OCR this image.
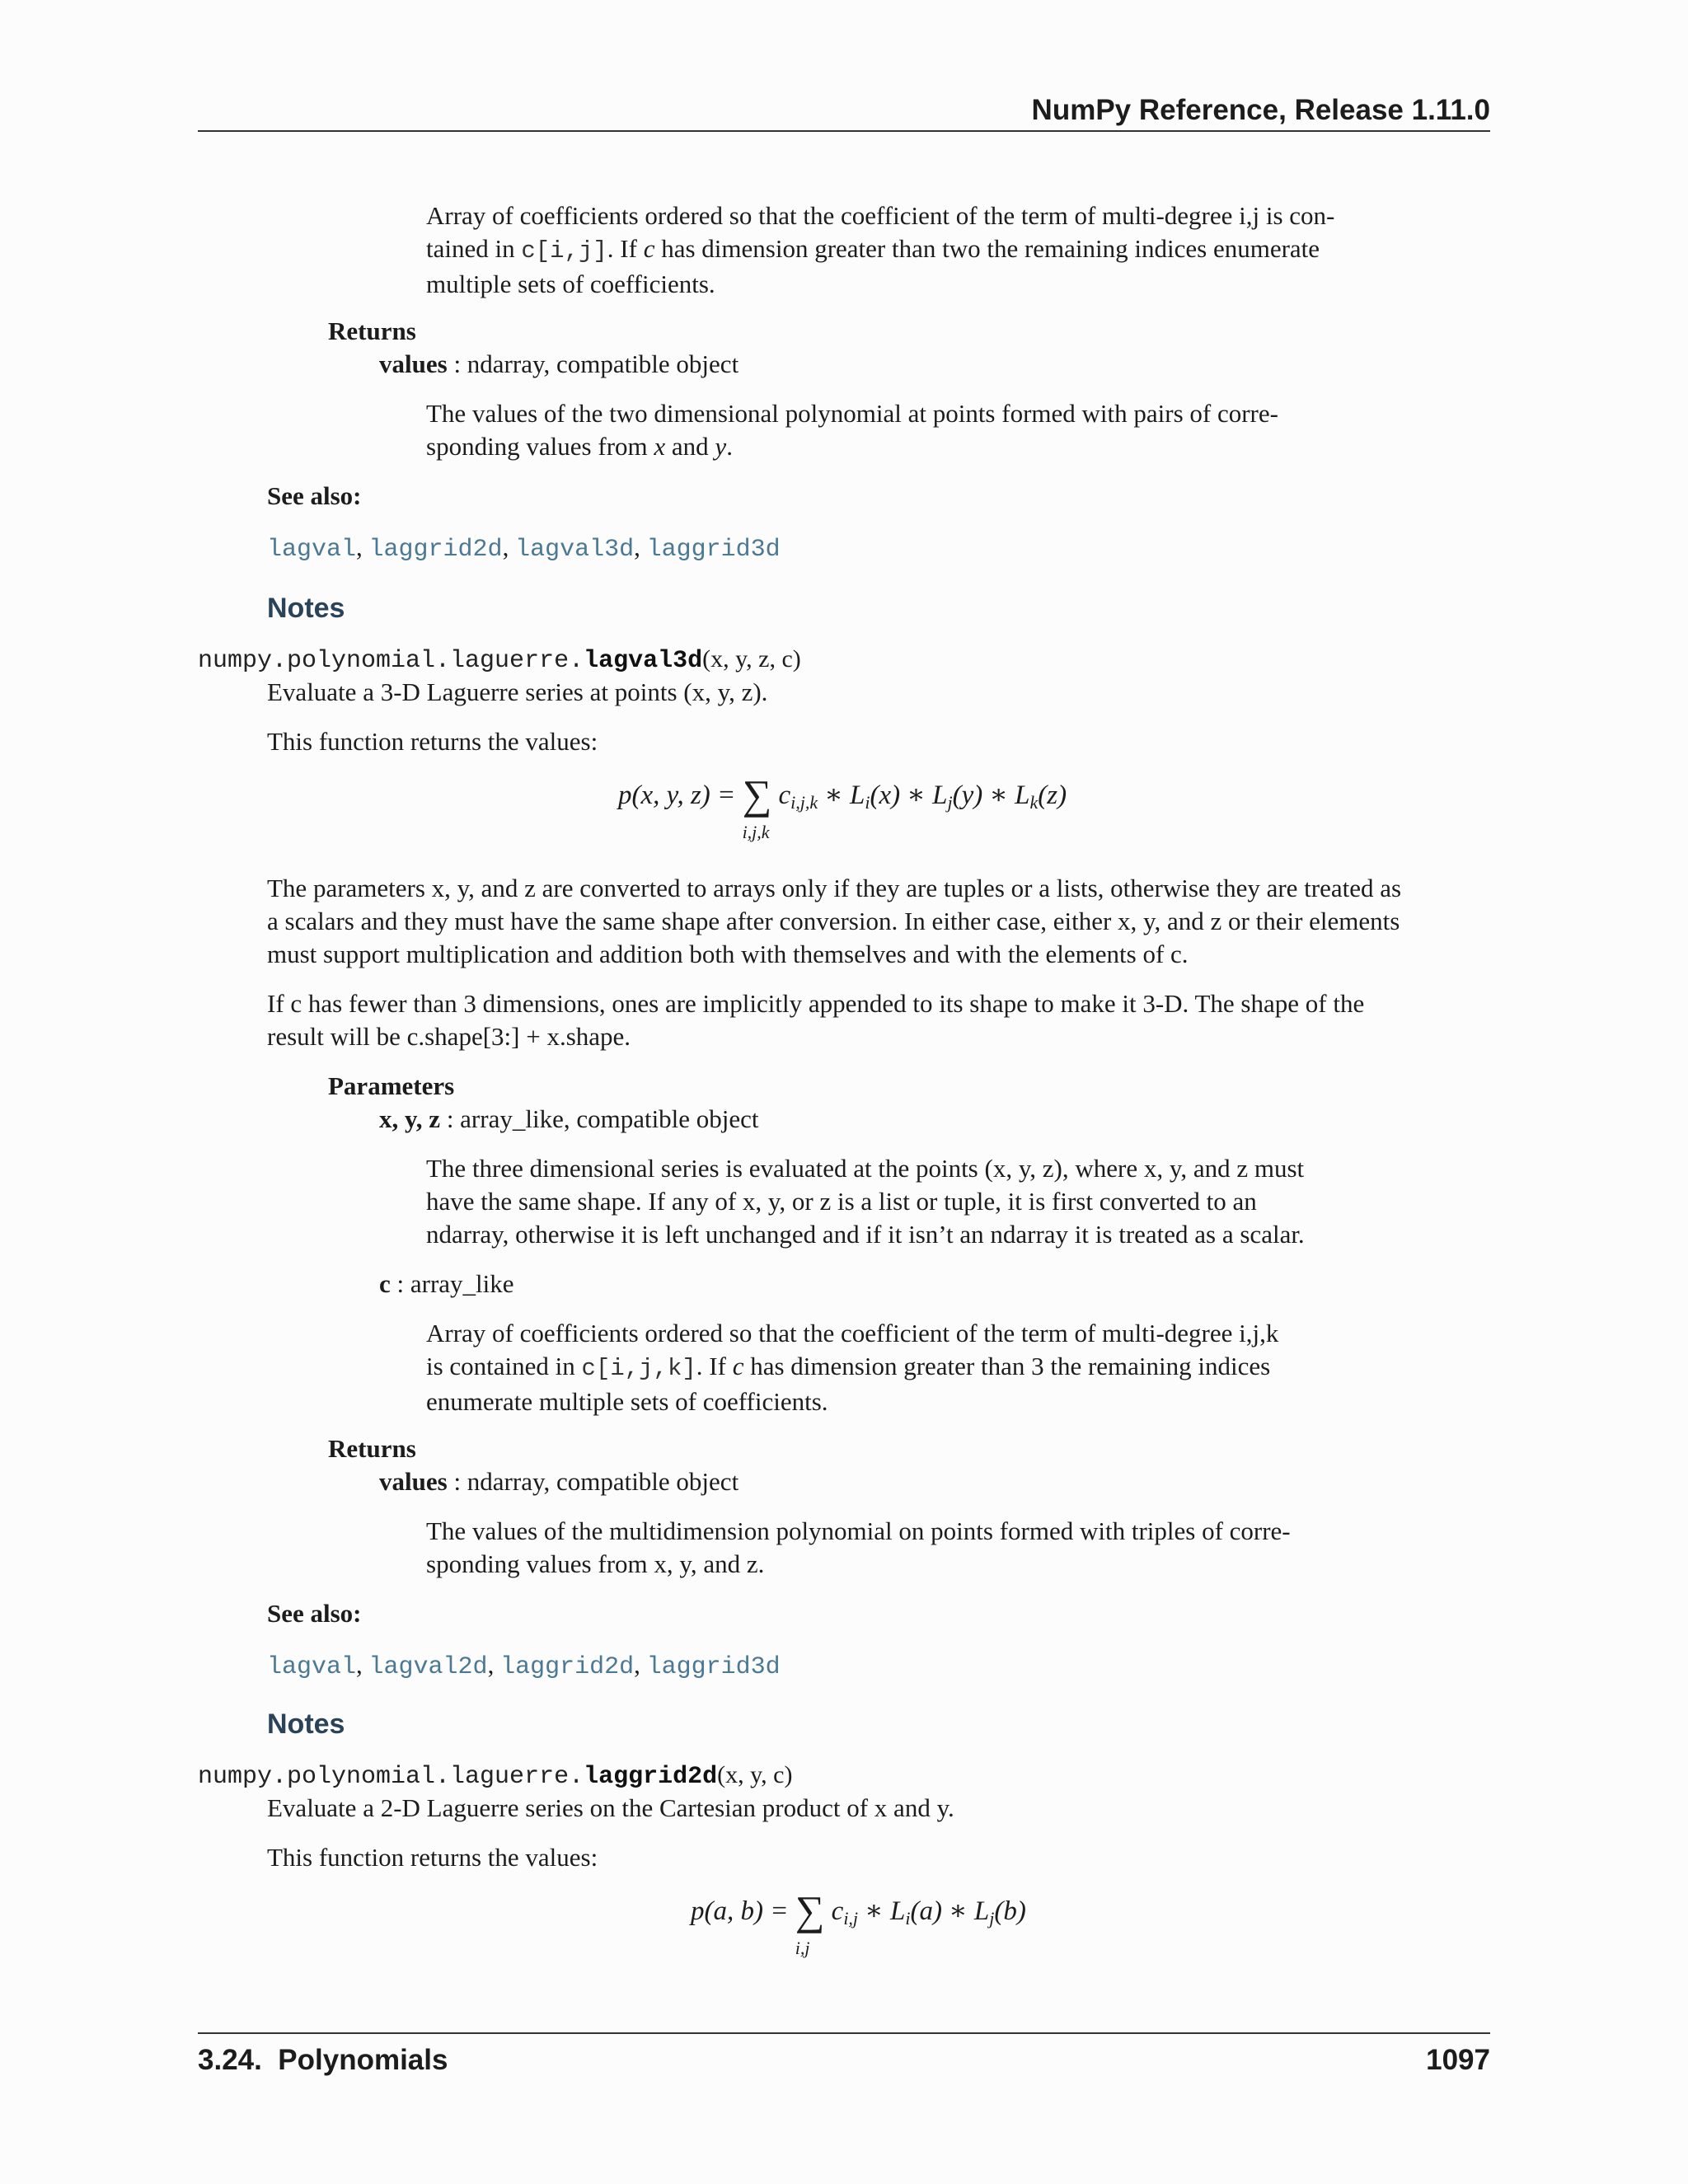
NumPy Reference, Release 1.11.0
Array of coefficients ordered so that the coefficient of the term of multi-degree i,j is con-
tained in c[i,j]. If c has dimension greater than two the remaining indices enumerate
multiple sets of coefficients.
Returns
values : ndarray, compatible object
The values of the two dimensional polynomial at points formed with pairs of corre-
sponding values from x and y.
See also:
lagval, laggrid2d, lagval3d, laggrid3d
Notes
numpy.polynomial.laguerre.lagval3d(x, y, z, c)
Evaluate a 3-D Laguerre series at points (x, y, z).
This function returns the values:
p(x, y, z) = ∑
i,j,k
$c_{i,j,k}$ ∗ $L_i(x)$ ∗ $L_j(y)$ ∗ $L_k(z)$
The parameters x, y, and z are converted to arrays only if they are tuples or a lists, otherwise they are treated as
a scalars and they must have the same shape after conversion. In either case, either x, y, and z or their elements
must support multiplication and addition both with themselves and with the elements of c.
If c has fewer than 3 dimensions, ones are implicitly appended to its shape to make it 3-D. The shape of the
result will be c.shape[3:] + x.shape.
Parameters
x, y, z : array_like, compatible object
The three dimensional series is evaluated at the points (x, y, z), where x, y, and z must
have the same shape. If any of x, y, or z is a list or tuple, it is first converted to an
ndarray, otherwise it is left unchanged and if it isn’t an ndarray it is treated as a scalar.
c : array_like
Array of coefficients ordered so that the coefficient of the term of multi-degree i,j,k
is contained in c[i,j,k]. If c has dimension greater than 3 the remaining indices
enumerate multiple sets of coefficients.
Returns
values : ndarray, compatible object
The values of the multidimension polynomial on points formed with triples of corre-
sponding values from x, y, and z.
See also:
lagval, lagval2d, laggrid2d, laggrid3d
Notes
numpy.polynomial.laguerre.laggrid2d(x, y, c)
Evaluate a 2-D Laguerre series on the Cartesian product of x and y.
This function returns the values:
p(a, b) = ∑
i,j
$c_{i,j}$ ∗ $L_i(a)$ ∗ $L_j(b)$
3.24.  Polynomials	1097
